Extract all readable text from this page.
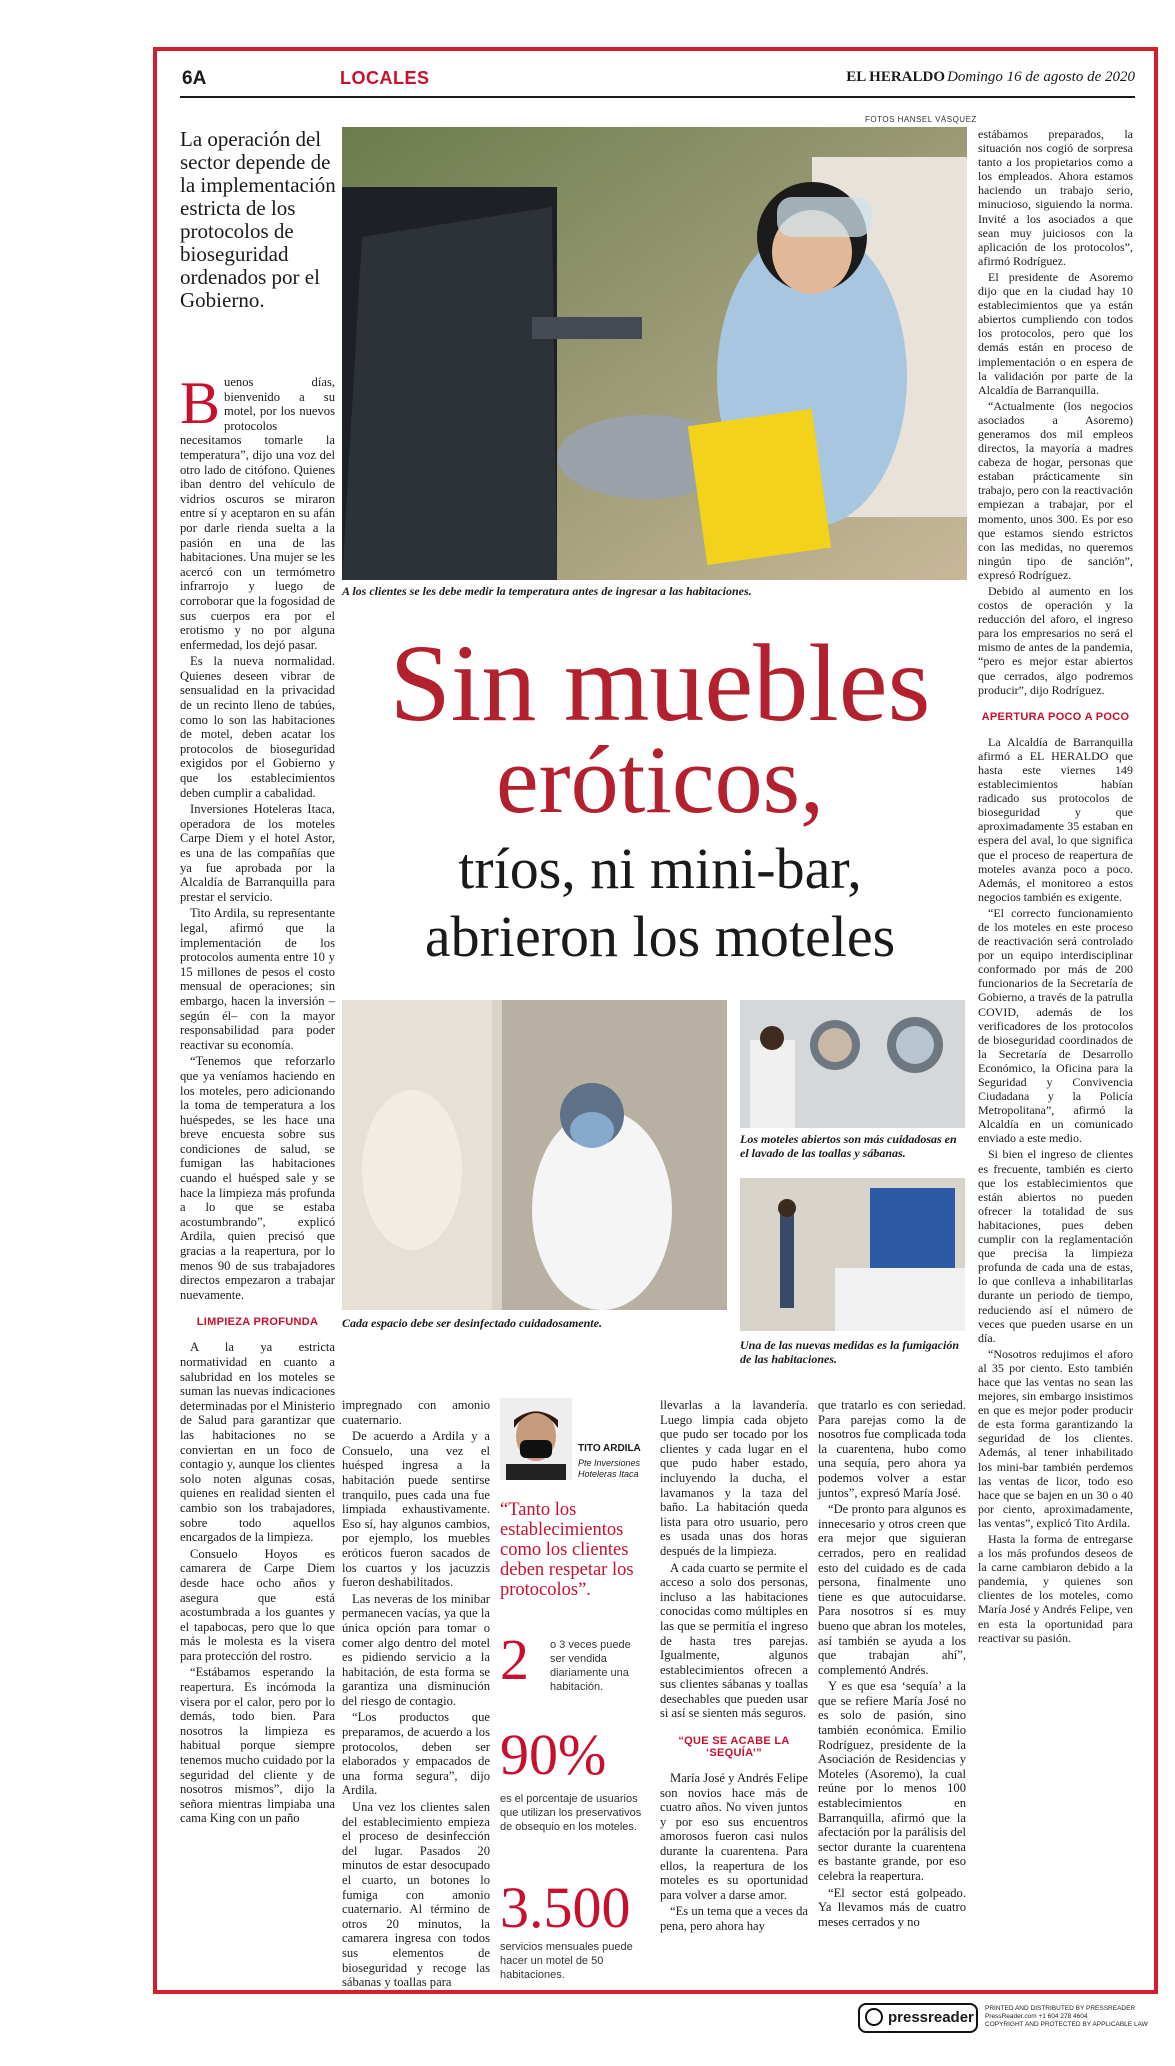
6A	LOCALES	EL HERALDO Domingo 16 de agosto de 2020
La operación del sector depende de la implementación estricta de los protocolos de bioseguridad ordenados por el Gobierno.

Buenos días, bienvenido a su motel, por los nuevos protocolos necesitamos tomarle la temperatura”, dijo una voz del otro lado de citófono. Quienes iban dentro del vehículo de vidrios oscuros se miraron entre sí y aceptaron en su afán por darle rienda suelta a la pasión en una de las habitaciones. Una mujer se les acercó con un termómetro infrarrojo y luego de corroborar que la fogosidad de sus cuerpos era por el erotismo y no por alguna enfermedad, los dejó pasar.

Es la nueva normalidad. Quienes deseen vibrar de sensualidad en la privacidad de un recinto lleno de tabúes, como lo son las habitaciones de motel, deben acatar los protocolos de bioseguridad exigidos por el Gobierno y que los establecimientos deben cumplir a cabalidad.

Inversiones Hoteleras Itaca, operadora de los moteles Carpe Diem y el hotel Astor, es una de las compañías que ya fue aprobada por la Alcaldía de Barranquilla para prestar el servicio.

Tito Ardila, su representante legal, afirmó que la implementación de los protocolos aumenta entre 10 y 15 millones de pesos el costo mensual de operaciones; sin embargo, hacen la inversión –según él– con la mayor responsabilidad para poder reactivar su economía.

“Tenemos que reforzarlo que ya veníamos haciendo en los moteles, pero adicionando la toma de temperatura a los huéspedes, se les hace una breve encuesta sobre sus condiciones de salud, se fumigan las habitaciones cuando el huésped sale y se hace la limpieza más profunda a lo que se estaba acostumbrando”, explicó Ardila, quien precisó que gracias a la reapertura, por lo menos 90 de sus trabajadores directos empezaron a trabajar nuevamente.

LIMPIEZA PROFUNDA

A la ya estricta normatividad en cuanto a salubridad en los moteles se suman las nuevas indicaciones determinadas por el Ministerio de Salud para garantizar que las habitaciones no se conviertan en un foco de contagio y, aunque los clientes solo noten algunas cosas, quienes en realidad sienten el cambio son los trabajadores, sobre todo aquellos encargados de la limpieza.

Consuelo Hoyos es camarera de Carpe Diem desde hace ocho años y asegura que está acostumbrada a los guantes y el tapabocas, pero que lo que más le molesta es la visera para protección del rostro.

“Estábamos esperando la reapertura. Es incómoda la visera por el calor, pero por lo demás, todo bien. Para nosotros la limpieza es habitual porque siempre tenemos mucho cuidado por la seguridad del cliente y de nosotros mismos”, dijo la señora mientras limpiaba una cama King con un paño

FOTOS HANSEL VÁSQUEZ
A los clientes se les debe medir la temperatura antes de ingresar a las habitaciones.
Sin muebles
eróticos,
tríos, ni mini-bar,
abrieron los moteles
Cada espacio debe ser desinfectado cuidadosamente.
Los moteles abiertos son más cuidadosas en el lavado de las toallas y sábanas.
Una de las nuevas medidas es la fumigación de las habitaciones.

impregnado con amonio cuaternario.

De acuerdo a Ardila y a Consuelo, una vez el huésped ingresa a la habitación puede sentirse tranquilo, pues cada una fue limpiada exhaustivamente. Eso sí, hay algunos cambios, por ejemplo, los muebles eróticos fueron sacados de los cuartos y los jacuzzis fueron deshabilitados.

Las neveras de los minibar permanecen vacías, ya que la única opción para tomar o comer algo dentro del motel es pidiendo servicio a la habitación, de esta forma se garantiza una disminución del riesgo de contagio.

“Los productos que preparamos, de acuerdo a los protocolos, deben ser elaborados y empacados de una forma segura”, dijo Ardila.

Una vez los clientes salen del establecimiento empieza el proceso de desinfección del lugar. Pasados 20 minutos de estar desocupado el cuarto, un botones lo fumiga con amonio cuaternario. Al término de otros 20 minutos, la camarera ingresa con todos sus elementos de bioseguridad y recoge las sábanas y toallas para

TITO ARDILA
Pte Inversiones Hoteleras Itaca
“Tanto los establecimientos como los clientes deben respetar los protocolos”.
2 o 3 veces puede ser vendida diariamente una habitación.
90%
es el porcentaje de usuarios que utilizan los preservativos de obsequio en los moteles.
3.500
servicios mensuales puede hacer un motel de 50 habitaciones.

llevarlas a la lavandería. Luego limpia cada objeto que pudo ser tocado por los clientes y cada lugar en el que pudo haber estado, incluyendo la ducha, el lavamanos y la taza del baño. La habitación queda lista para otro usuario, pero es usada unas dos horas después de la limpieza.

A cada cuarto se permite el acceso a solo dos personas, incluso a las habitaciones conocidas como múltiples en las que se permitía el ingreso de hasta tres parejas. Igualmente, algunos establecimientos ofrecen a sus clientes sábanas y toallas desechables que pueden usar si así se sienten más seguros.

“QUE SE ACABE LA ‘SEQUÍA’”

María José y Andrés Felipe son novios hace más de cuatro años. No viven juntos y por eso sus encuentros amorosos fueron casi nulos durante la cuarentena. Para ellos, la reapertura de los moteles es su oportunidad para volver a darse amor.

“Es un tema que a veces da pena, pero ahora hay

que tratarlo es con seriedad. Para parejas como la de nosotros fue complicada toda la cuarentena, hubo como una sequía, pero ahora ya podemos volver a estar juntos”, expresó María José.

“De pronto para algunos es innecesario y otros creen que era mejor que siguieran cerrados, pero en realidad esto del cuidado es de cada persona, finalmente uno tiene es que autocuidarse. Para nosotros sí es muy bueno que abran los moteles, así también se ayuda a los que trabajan ahí”, complementó Andrés.

Y es que esa ‘sequía’ a la que se refiere María José no es solo de pasión, sino también económica. Emilio Rodríguez, presidente de la Asociación de Residencias y Moteles (Asoremo), la cual reúne por lo menos 100 establecimientos en Barranquilla, afirmó que la afectación por la parálisis del sector durante la cuarentena es bastante grande, por eso celebra la reapertura.

“El sector está golpeado. Ya llevamos más de cuatro meses cerrados y no

estábamos preparados, la situación nos cogió de sorpresa tanto a los propietarios como a los empleados. Ahora estamos haciendo un trabajo serio, minucioso, siguiendo la norma. Invité a los asociados a que sean muy juiciosos con la aplicación de los protocolos”, afirmó Rodríguez.

El presidente de Asoremo dijo que en la ciudad hay 10 establecimientos que ya están abiertos cumpliendo con todos los protocolos, pero que los demás están en proceso de implementación o en espera de la validación por parte de la Alcaldía de Barranquilla.

“Actualmente (los negocios asociados a Asoremo) generamos dos mil empleos directos, la mayoría a madres cabeza de hogar, personas que estaban prácticamente sin trabajo, pero con la reactivación empiezan a trabajar, por el momento, unos 300. Es por eso que estamos siendo estrictos con las medidas, no queremos ningún tipo de sanción”, expresó Rodríguez.

Debido al aumento en los costos de operación y la reducción del aforo, el ingreso para los empresarios no será el mismo de antes de la pandemia, “pero es mejor estar abiertos que cerrados, algo podremos producir”, dijo Rodríguez.

APERTURA POCO A POCO

La Alcaldía de Barranquilla afirmó a EL HERALDO que hasta este viernes 149 establecimientos habían radicado sus protocolos de bioseguridad y que aproximadamente 35 estaban en espera del aval, lo que significa que el proceso de reapertura de moteles avanza poco a poco. Además, el monitoreo a estos negocios también es exigente.

“El correcto funcionamiento de los moteles en este proceso de reactivación será controlado por un equipo interdisciplinar conformado por más de 200 funcionarios de la Secretaría de Gobierno, a través de la patrulla COVID, además de los verificadores de los protocolos de bioseguridad coordinados de la Secretaría de Desarrollo Económico, la Oficina para la Seguridad y Convivencia Ciudadana y la Policía Metropolitana”, afirmó la Alcaldía en un comunicado enviado a este medio.

Si bien el ingreso de clientes es frecuente, también es cierto que los establecimientos que están abiertos no pueden ofrecer la totalidad de sus habitaciones, pues deben cumplir con la reglamentación que precisa la limpieza profunda de cada una de estas, lo que conlleva a inhabilitarlas durante un periodo de tiempo, reduciendo así el número de veces que pueden usarse en un día.

“Nosotros redujimos el aforo al 35 por ciento. Esto también hace que las ventas no sean las mejores, sin embargo insistimos en que es mejor poder producir de esta forma garantizando la seguridad de los clientes. Además, al tener inhabilitado los mini-bar también perdemos las ventas de licor, todo eso hace que se bajen en un 30 o 40 por ciento, aproximadamente, las ventas”, explicó Tito Ardila.

Hasta la forma de entregarse a los más profundos deseos de la carne cambiaron debido a la pandemia, y quienes son clientes de los moteles, como María José y Andrés Felipe, ven en esta la oportunidad para reactivar su pasión.

pressreader
PRINTED AND DISTRIBUTED BY PRESSREADER
PressReader.com +1 604 278 4604
COPYRIGHT AND PROTECTED BY APPLICABLE LAW
